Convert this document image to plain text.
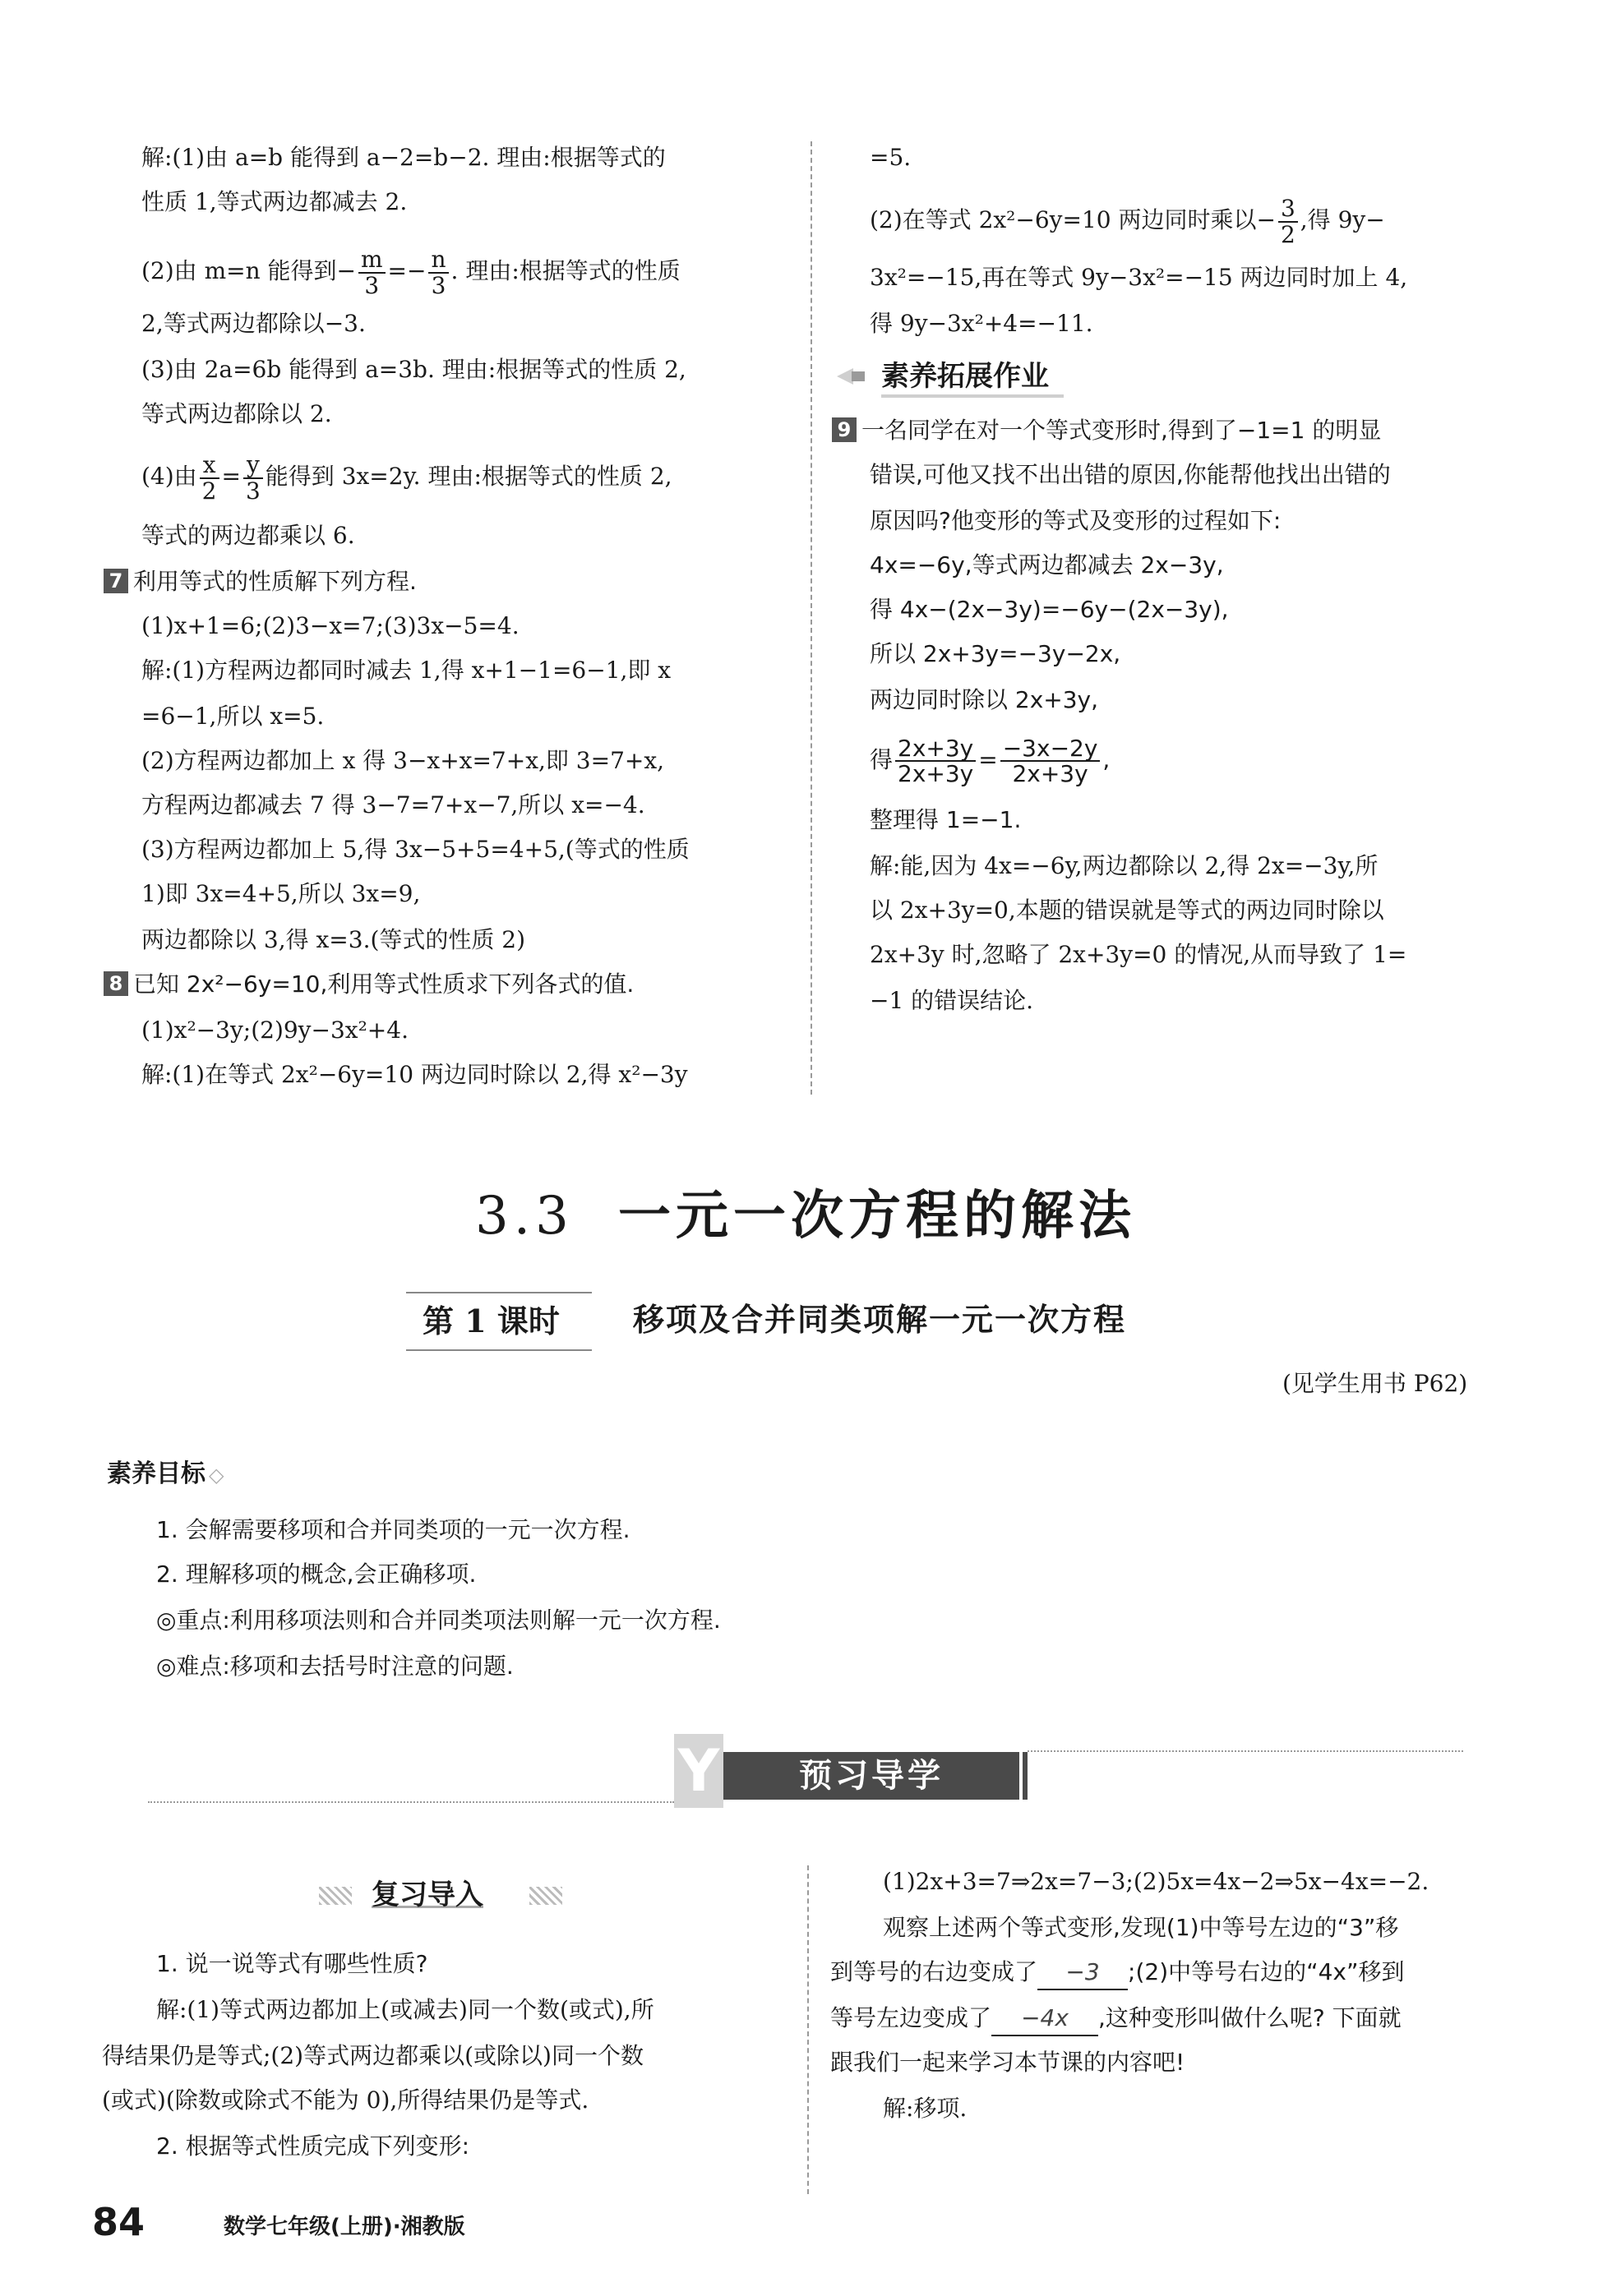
解:(1)由 a=b 能得到 a−2=b−2. 理由:根据等式的
性质 1,等式两边都减去 2.
(2)由 m=n 能得到− $\frac{m}{3} =- \frac{n}{3}$ . 理由:根据等式的性质
2,等式两边都除以−3.
(3)由 2a=6b 能得到 a=3b. 理由:根据等式的性质 2,
等式两边都除以 2.
(4)由 $\frac{x}{2} = \frac{y}{3}$ 能得到 3x=2y. 理由:根据等式的性质 2,
等式的两边都乘以 6.
7 利用等式的性质解下列方程.
(1)x+1=6;(2)3−x=7;(3)3x−5=4.
解:(1)方程两边都同时减去 1,得 x+1−1=6−1,即 x
=6−1,所以 x=5.
(2)方程两边都加上 x 得 3−x+x=7+x,即 3=7+x,
方程两边都减去 7 得 3−7=7+x−7,所以 x=−4.
(3)方程两边都加上 5,得 3x−5+5=4+5,(等式的性质
1)即 3x=4+5,所以 3x=9,
两边都除以 3,得 x=3.(等式的性质 2)
8 已知 2x²−6y=10,利用等式性质求下列各式的值.
(1)x²−3y;(2)9y−3x²+4.
解:(1)在等式 2x²−6y=10 两边同时除以 2,得 x²−3y
=5.
(2)在等式 2x²−6y=10 两边同时乘以− $\frac{3}{2}$ ,得 9y−
3x²=−15,再在等式 9y−3x²=−15 两边同时加上 4,
得 9y−3x²+4=−11.
素养拓展作业
9 一名同学在对一个等式变形时,得到了−1=1 的明显
错误,可他又找不出出错的原因,你能帮他找出出错的
原因吗?他变形的等式及变形的过程如下:
4x=−6y,等式两边都减去 2x−3y,
得 4x−(2x−3y)=−6y−(2x−3y),
所以 2x+3y=−3y−2x,
两边同时除以 2x+3y,
得 $\frac{2x+3y}{2x+3y} = \frac{-3x-2y}{2x+3y}$ ,
整理得 1=−1.
解:能,因为 4x=−6y,两边都除以 2,得 2x=−3y,所
以 2x+3y=0,本题的错误就是等式的两边同时除以
2x+3y 时,忽略了 2x+3y=0 的情况,从而导致了 1=
−1 的错误结论.
3.3 一元一次方程的解法
第 1 课时 移项及合并同类项解一元一次方程
(见学生用书 P62)
素养目标 ◇
1. 会解需要移项和合并同类项的一元一次方程.
2. 理解移项的概念,会正确移项.
◎重点:利用移项法则和合并同类项法则解一元一次方程.
◎难点:移项和去括号时注意的问题.
Y	预习导学
复习导入
1. 说一说等式有哪些性质?
解:(1)等式两边都加上(或减去)同一个数(或式),所
得结果仍是等式;(2)等式两边都乘以(或除以)同一个数
(或式)(除数或除式不能为 0),所得结果仍是等式.
2. 根据等式性质完成下列变形:
(1)2x+3=7⇒2x=7−3;(2)5x=4x−2⇒5x−4x=−2.
观察上述两个等式变形,发现(1)中等号左边的“3”移
到等号的右边变成了 −3 ;(2)中等号右边的“4x”移到
等号左边变成了 −4x ,这种变形叫做什么呢? 下面就
跟我们一起来学习本节课的内容吧!
解:移项.
84	数学七年级(上册)·湘教版
